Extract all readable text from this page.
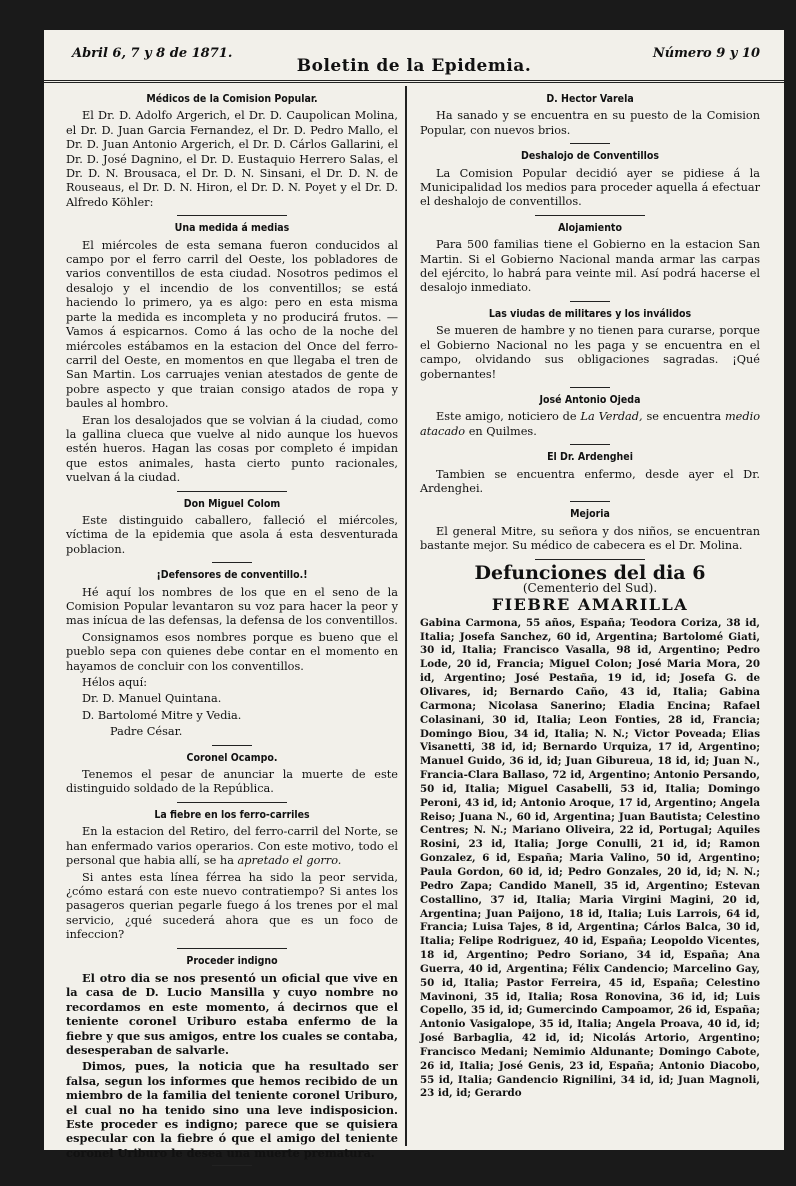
Abril 6, 7 y 8 de 1871.
Boletin de la Epidemia.
Número 9 y 10
Médicos de la Comision Popular.

El Dr. D. Adolfo Argerich, el Dr. D. Caupolican Molina, el Dr. D. Juan Garcia Fernandez, el Dr. D. Pedro Mallo, el Dr. D. Juan Antonio Argerich, el Dr. D. Cárlos Gallarini, el Dr. D. José Dagnino, el Dr. D. Eustaquio Herrero Salas, el Dr. D. N. Brousaca, el Dr. D. N. Sinsani, el Dr. D. N. de Rouseaus, el Dr. D. N. Hiron, el Dr. D. N. Poyet y el Dr. D. Alfredo Köhler:

Una medida á medias

El miércoles de esta semana fueron conducidos al campo por el ferro carril del Oeste, los pobladores de varios conventillos de esta ciudad. Nosotros pedimos el desalojo y el incendio de los conventillos; se está haciendo lo primero, ya es algo: pero en esta misma parte la medida es incompleta y no producirá frutos. — Vamos á espicarnos. Como á las ocho de la noche del miércoles estábamos en la estacion del Once del ferro-carril del Oeste, en momentos en que llegaba el tren de San Martin. Los carruajes venian atestados de gente de pobre aspecto y que traian consigo atados de ropa y baules al hombro.

Eran los desalojados que se volvian á la ciudad, como la gallina clueca que vuelve al nido aunque los huevos estén hueros. Hagan las cosas por completo é impidan que estos animales, hasta cierto punto racionales, vuelvan á la ciudad.

Don Miguel Colom

Este distinguido caballero, falleció el miércoles, víctima de la epidemia que asola á esta desventurada poblacion.

¡Defensores de conventillo.!

Hé aquí los nombres de los que en el seno de la Comision Popular levantaron su voz para hacer la peor y mas inícua de las defensas, la defensa de los conventillos.

Consignamos esos nombres porque es bueno que el pueblo sepa con quienes debe contar en el momento en hayamos de concluir con los conventillos.

Hélos aquí:

Dr. D. Manuel Quintana.

D. Bartolomé Mitre y Vedia.

Padre César.

Coronel Ocampo.

Tenemos el pesar de anunciar la muerte de este distinguido soldado de la República.

La fiebre en los ferro-carriles

En la estacion del Retiro, del ferro-carril del Norte, se han enfermado varios operarios. Con este motivo, todo el personal que habia allí, se ha apretado el gorro.

Si antes esta línea férrea ha sido la peor servida, ¿cómo estará con este nuevo contratiempo? Si antes los pasageros querian pegarle fuego á los trenes por el mal servicio, ¿qué sucederá ahora que es un foco de infeccion?

Proceder indigno

El otro dia se nos presentó un oficial que vive en la casa de D. Lucio Mansilla y cuyo nombre no recordamos en este momento, á decirnos que el teniente coronel Uriburo estaba enfermo de la fiebre y que sus amigos, entre los cuales se contaba, desesperaban de salvarle.

Dimos, pues, la noticia que ha resultado ser falsa, segun los informes que hemos recibido de un miembro de la familia del teniente coronel Uriburo, el cual no ha tenido sino una leve indisposicion. Este proceder es indigno; parece que se quisiera especular con la fiebre ó que el amigo del teniente coronel Uriburo le desea una muerte prematura.

D. Hector Varela

Ha sanado y se encuentra en su puesto de la Comision Popular, con nuevos brios.

Deshalojo de Conventillos

La Comision Popular decidió ayer se pidiese á la Municipalidad los medios para proceder aquella á efectuar el deshalojo de conventillos.

Alojamiento

Para 500 familias tiene el Gobierno en la estacion San Martin. Si el Gobierno Nacional manda armar las carpas del ejército, lo habrá para veinte mil. Así podrá hacerse el desalojo inmediato.

Las viudas de militares y los inválidos

Se mueren de hambre y no tienen para curarse, porque el Gobierno Nacional no les paga y se encuentra en el campo, olvidando sus obligaciones sagradas. ¡Qué gobernantes!

José Antonio Ojeda

Este amigo, noticiero de La Verdad, se encuentra medio atacado en Quilmes.

El Dr. Ardenghei

Tambien se encuentra enfermo, desde ayer el Dr. Ardenghei.

Mejoria

El general Mitre, su señora y dos niños, se encuentran bastante mejor. Su médico de cabecera es el Dr. Molina.

Defunciones del dia 6
(Cementerio del Sud).
FIEBRE AMARILLA
Gabina Carmona, 55 años, España; Teodora Coriza, 38 id, Italia; Josefa Sanchez, 60 id, Argentina; Bartolomé Giati, 30 id, Italia; Francisco Vasalla, 98 id, Argentino; Pedro Lode, 20 id, Francia; Miguel Colon; José Maria Mora, 20 id, Argentino; José Pestaña, 19 id, id; Josefa G. de Olivares, id; Bernardo Caño, 43 id, Italia; Gabina Carmona; Nicolasa Sanerino; Eladia Encina; Rafael Colasinani, 30 id, Italia; Leon Fonties, 28 id, Francia; Domingo Biou, 34 id, Italia; N. N.; Victor Poveada; Elias Visanetti, 38 id, id; Bernardo Urquiza, 17 id, Argentino; Manuel Guido, 36 id, id; Juan Gibureua, 18 id, id; Juan N., Francia-Clara Ballaso, 72 id, Argentino; Antonio Persando, 50 id, Italia; Miguel Casabelli, 53 id, Italia; Domingo Peroni, 43 id, id; Antonio Aroque, 17 id, Argentino; Angela Reiso; Juana N., 60 id, Argentina; Juan Bautista; Celestino Centres; N. N.; Mariano Oliveira, 22 id, Portugal; Aquiles Rosini, 23 id, Italia; Jorge Conulli, 21 id, id; Ramon Gonzalez, 6 id, España; Maria Valino, 50 id, Argentino; Paula Gordon, 60 id, id; Pedro Gonzales, 20 id, id; N. N.; Pedro Zapa; Candido Manell, 35 id, Argentino; Estevan Costallino, 37 id, Italia; Maria Virgini Magini, 20 id, Argentina; Juan Paijono, 18 id, Italia; Luis Larrois, 64 id, Francia; Luisa Tajes, 8 id, Argentina; Cárlos Balca, 30 id, Italia; Felipe Rodriguez, 40 id, España; Leopoldo Vicentes, 18 id, Argentino; Pedro Soriano, 34 id, España; Ana Guerra, 40 id, Argentina; Félix Candencio; Marcelino Gay, 50 id, Italia; Pastor Ferreira, 45 id, España; Celestino Mavinoni, 35 id, Italia; Rosa Ronovina, 36 id, id; Luis Copello, 35 id, id; Gumercindo Campoamor, 26 id, España; Antonio Vasigalope, 35 id, Italia; Angela Proava, 40 id, id; José Barbaglia, 42 id, id; Nicolás Artorio, Argentino; Francisco Medani; Nemimio Aldunante; Domingo Cabote, 26 id, Italia; José Genis, 23 id, España; Antonio Diacobo, 55 id, Italia; Gandencio Rignilini, 34 id, id; Juan Magnoli, 23 id, id; Gerardo
